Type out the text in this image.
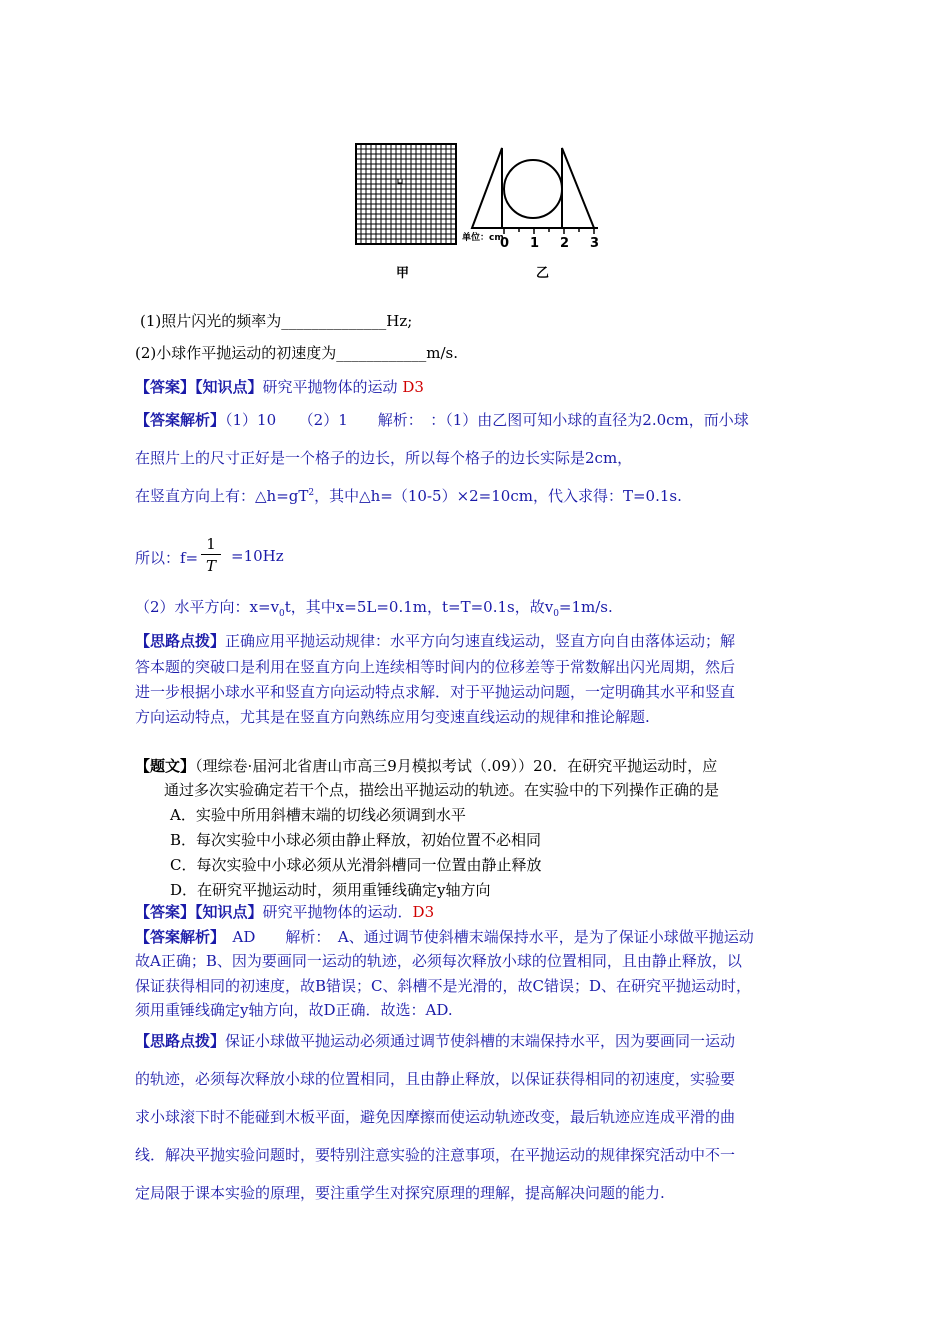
单位：cm
0 1 2 3
甲	乙
(1)照片闪光的频率为______________Hz;
(2)小球作平抛运动的初速度为____________m/s.
【答案】【知识点】研究平抛物体的运动 D3
【答案解析】（1）10　　（2）1　　解析：　：（1）由乙图可知小球的直径为2.0cm，而小球
在照片上的尺寸正好是一个格子的边长，所以每个格子的边长实际是2cm，
在竖直方向上有：$\triangle h=gT^2$，其中△h=（10-5）×2=10cm，代入求得：T=0.1s.
所以：f=
1
T
=10Hz
（2）水平方向：$x=v_0t$，其中x=5L=0.1m，t=T=0.1s，故$v_0=1m/s$.
【思路点拨】正确应用平抛运动规律：水平方向匀速直线运动，竖直方向自由落体运动；解
答本题的突破口是利用在竖直方向上连续相等时间内的位移差等于常数解出闪光周期，然后
进一步根据小球水平和竖直方向运动特点求解．对于平抛运动问题，一定明确其水平和竖直
方向运动特点，尤其是在竖直方向熟练应用匀变速直线运动的规律和推论解题.
【题文】（理综卷·届河北省唐山市高三9月模拟考试（.09））20．在研究平抛运动时，应
通过多次实验确定若干个点，描绘出平抛运动的轨迹。在实验中的下列操作正确的是
A．实验中所用斜槽末端的切线必须调到水平
B．每次实验中小球必须由静止释放，初始位置不必相同
C．每次实验中小球必须从光滑斜槽同一位置由静止释放
D．在研究平抛运动时，须用重锤线确定y轴方向
【答案】【知识点】研究平抛物体的运动．D3
【答案解析】　AD　　解析：　A、通过调节使斜槽末端保持水平，是为了保证小球做平抛运动
故A正确；B、因为要画同一运动的轨迹，必须每次释放小球的位置相同，且由静止释放，以
保证获得相同的初速度，故B错误；C、斜槽不是光滑的，故C错误；D、在研究平抛运动时，
须用重锤线确定y轴方向，故D正确．故选：AD.
【思路点拨】保证小球做平抛运动必须通过调节使斜槽的末端保持水平，因为要画同一运动
的轨迹，必须每次释放小球的位置相同，且由静止释放，以保证获得相同的初速度，实验要
求小球滚下时不能碰到木板平面，避免因摩擦而使运动轨迹改变，最后轨迹应连成平滑的曲
线．解决平抛实验问题时，要特别注意实验的注意事项，在平抛运动的规律探究活动中不一
定局限于课本实验的原理，要注重学生对探究原理的理解，提高解决问题的能力.
